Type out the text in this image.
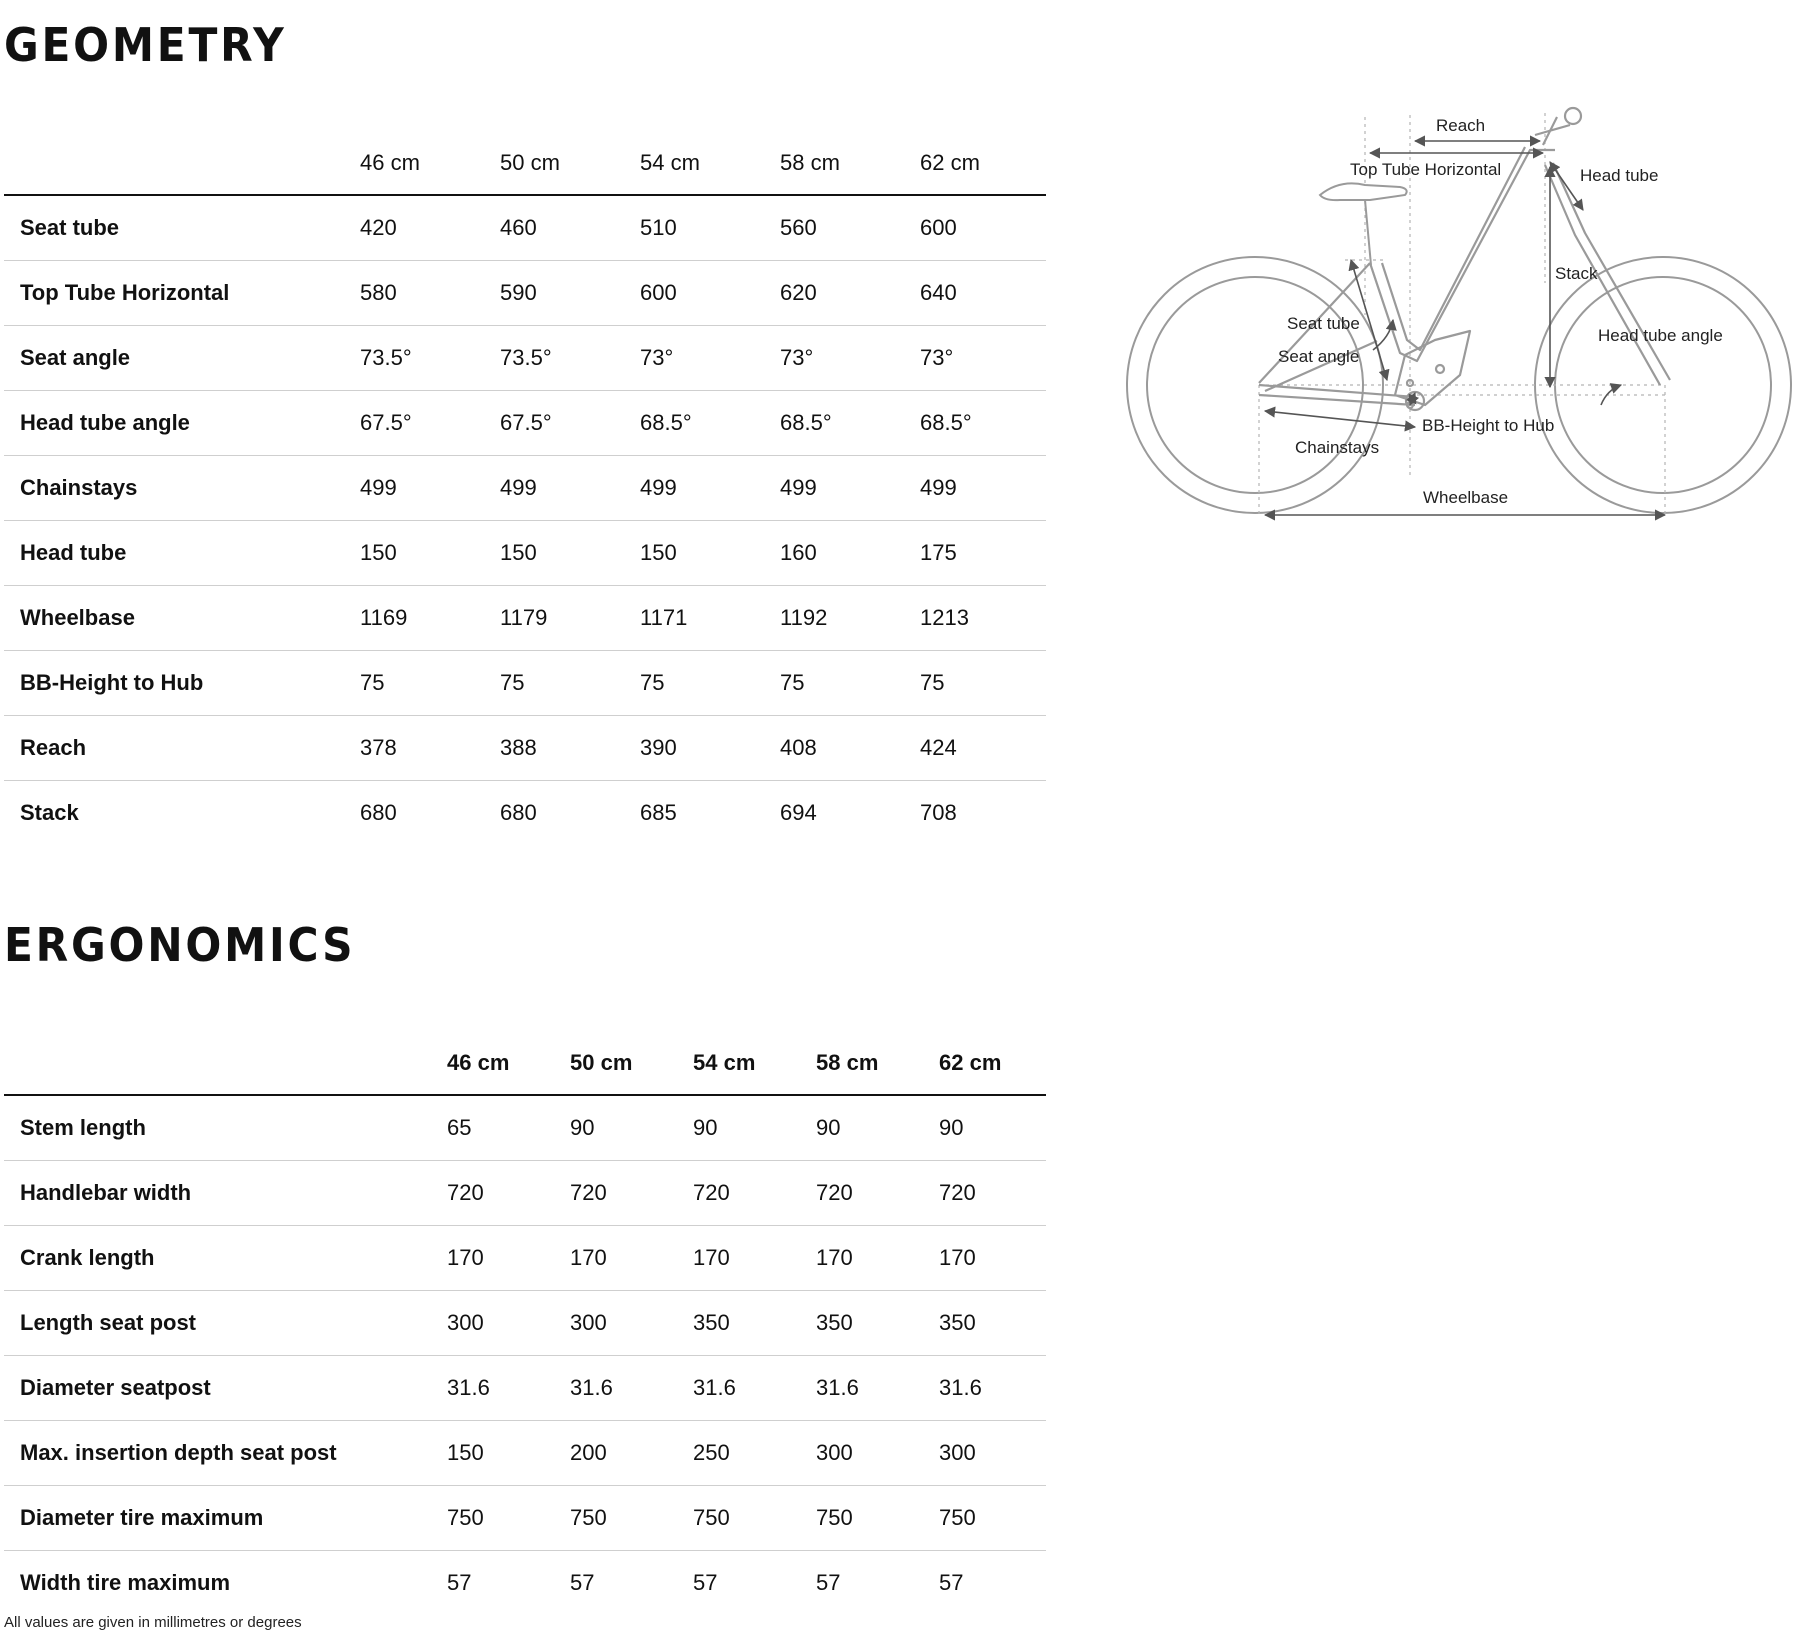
GEOMETRY
	46 cm	50 cm	54 cm	58 cm	62 cm
Seat tube	420	460	510	560	600
Top Tube Horizontal	580	590	600	620	640
Seat angle	73.5°	73.5°	73°	73°	73°
Head tube angle	67.5°	67.5°	68.5°	68.5°	68.5°
Chainstays	499	499	499	499	499
Head tube	150	150	150	160	175
Wheelbase	1169	1179	1171	1192	1213
BB-Height to Hub	75	75	75	75	75
Reach	378	388	390	408	424
Stack	680	680	685	694	708
Reach
Top Tube Horizontal	Head tube
Stack
Seat tube
Seat angle
Head tube angle
BB-Height to Hub
Chainstays
Wheelbase
ERGONOMICS
	46 cm	50 cm	54 cm	58 cm	62 cm
Stem length	65	90	90	90	90
Handlebar width	720	720	720	720	720
Crank length	170	170	170	170	170
Length seat post	300	300	350	350	350
Diameter seatpost	31.6	31.6	31.6	31.6	31.6
Max. insertion depth seat post	150	200	250	300	300
Diameter tire maximum	750	750	750	750	750
Width tire maximum	57	57	57	57	57

All values are given in millimetres or degrees
